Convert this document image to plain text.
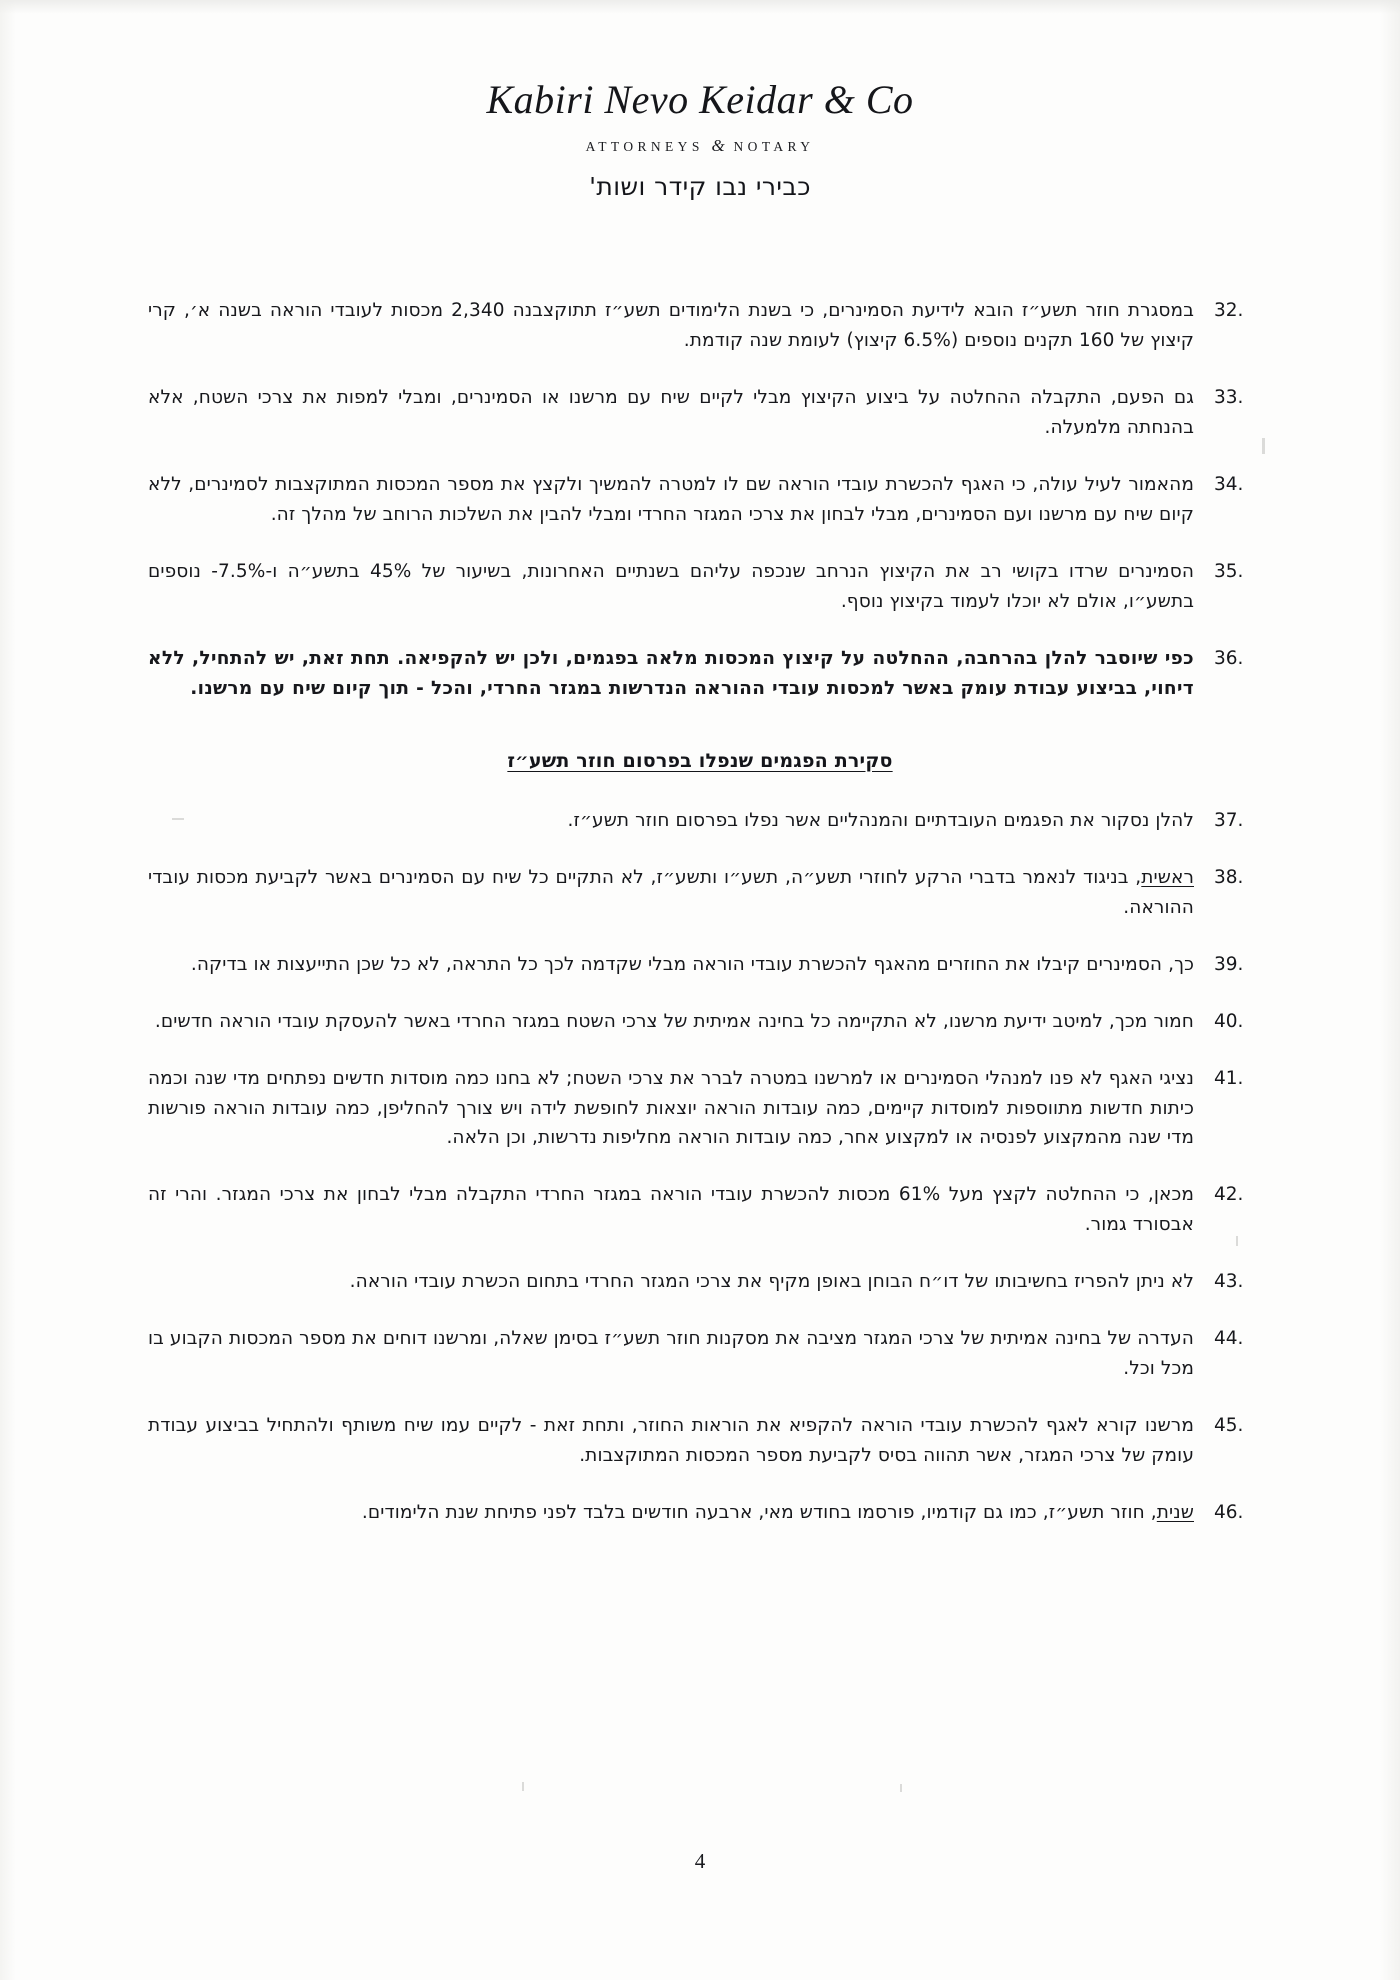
Kabiri Nevo Keidar & Co
ATTORNEYS & NOTARY
כבירי נבו קידר ושות'
32.
במסגרת חוזר תשע״ז הובא לידיעת הסמינרים, כי בשנת הלימודים תשע״ז תתוקצבנה 2,340 מכסות לעובדי הוראה בשנה א׳, קרי קיצוץ של 160 תקנים נוספים (6.5% קיצוץ) לעומת שנה קודמת.
33.
גם הפעם, התקבלה ההחלטה על ביצוע הקיצוץ מבלי לקיים שיח עם מרשנו או הסמינרים, ומבלי למפות את צרכי השטח, אלא בהנחתה מלמעלה.
34.
מהאמור לעיל עולה, כי האגף להכשרת עובדי הוראה שם לו למטרה להמשיך ולקצץ את מספר המכסות המתוקצבות לסמינרים, ללא קיום שיח עם מרשנו ועם הסמינרים, מבלי לבחון את צרכי המגזר החרדי ומבלי להבין את השלכות הרוחב של מהלך זה.
35.
הסמינרים שרדו בקושי רב את הקיצוץ הנרחב שנכפה עליהם בשנתיים האחרונות, בשיעור של 45% בתשע״ה ו-7.5%- נוספים בתשע״ו, אולם לא יוכלו לעמוד בקיצוץ נוסף.
36.
כפי שיוסבר להלן בהרחבה, ההחלטה על קיצוץ המכסות מלאה בפגמים, ולכן יש להקפיאה. תחת זאת, יש להתחיל, ללא דיחוי, בביצוע עבודת עומק באשר למכסות עובדי ההוראה הנדרשות במגזר החרדי, והכל - תוך קיום שיח עם מרשנו.
סקירת הפגמים שנפלו בפרסום חוזר תשע״ז
37.
להלן נסקור את הפגמים העובדתיים והמנהליים אשר נפלו בפרסום חוזר תשע״ז.
38.
ראשית, בניגוד לנאמר בדברי הרקע לחוזרי תשע״ה, תשע״ו ותשע״ז, לא התקיים כל שיח עם הסמינרים באשר לקביעת מכסות עובדי ההוראה.
39.
כך, הסמינרים קיבלו את החוזרים מהאגף להכשרת עובדי הוראה מבלי שקדמה לכך כל התראה, לא כל שכן התייעצות או בדיקה.
40.
חמור מכך, למיטב ידיעת מרשנו, לא התקיימה כל בחינה אמיתית של צרכי השטח במגזר החרדי באשר להעסקת עובדי הוראה חדשים.
41.
נציגי האגף לא פנו למנהלי הסמינרים או למרשנו במטרה לברר את צרכי השטח; לא בחנו כמה מוסדות חדשים נפתחים מדי שנה וכמה כיתות חדשות מתווספות למוסדות קיימים, כמה עובדות הוראה יוצאות לחופשת לידה ויש צורך להחליפן, כמה עובדות הוראה פורשות מדי שנה מהמקצוע לפנסיה או למקצוע אחר, כמה עובדות הוראה מחליפות נדרשות, וכן הלאה.
42.
מכאן, כי ההחלטה לקצץ מעל 61% מכסות להכשרת עובדי הוראה במגזר החרדי התקבלה מבלי לבחון את צרכי המגזר. והרי זה אבסורד גמור.
43.
לא ניתן להפריז בחשיבותו של דו״ח הבוחן באופן מקיף את צרכי המגזר החרדי בתחום הכשרת עובדי הוראה.
44.
העדרה של בחינה אמיתית של צרכי המגזר מציבה את מסקנות חוזר תשע״ז בסימן שאלה, ומרשנו דוחים את מספר המכסות הקבוע בו מכל וכל.
45.
מרשנו קורא לאגף להכשרת עובדי הוראה להקפיא את הוראות החוזר, ותחת זאת - לקיים עמו שיח משותף ולהתחיל בביצוע עבודת עומק של צרכי המגזר, אשר תהווה בסיס לקביעת מספר המכסות המתוקצבות.
46.
שנית, חוזר תשע״ז, כמו גם קודמיו, פורסמו בחודש מאי, ארבעה חודשים בלבד לפני פתיחת שנת הלימודים.
4
